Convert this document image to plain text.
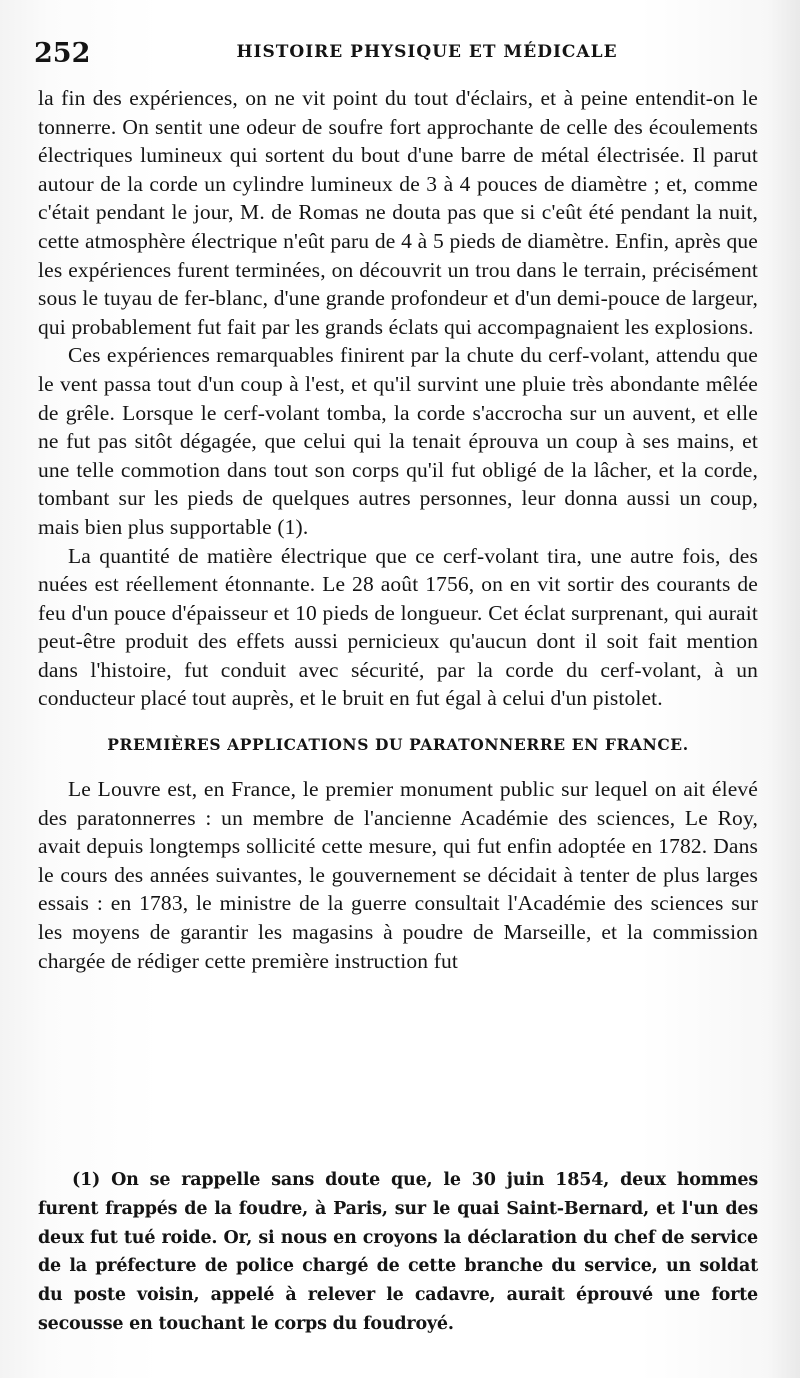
252	HISTOIRE PHYSIQUE ET MÉDICALE

la fin des expériences, on ne vit point du tout d'éclairs, et à peine entendit-on le tonnerre. On sentit une odeur de soufre fort approchante de celle des écoulements électriques lumineux qui sortent du bout d'une barre de métal électrisée. Il parut autour de la corde un cylindre lumineux de 3 à 4 pouces de diamètre ; et, comme c'était pendant le jour, M. de Romas ne douta pas que si c'eût été pendant la nuit, cette atmosphère électrique n'eût paru de 4 à 5 pieds de diamètre. Enfin, après que les expériences furent terminées, on découvrit un trou dans le terrain, précisément sous le tuyau de fer-blanc, d'une grande profondeur et d'un demi-pouce de largeur, qui probablement fut fait par les grands éclats qui accompagnaient les explosions.

Ces expériences remarquables finirent par la chute du cerf-volant, attendu que le vent passa tout d'un coup à l'est, et qu'il survint une pluie très abondante mêlée de grêle. Lorsque le cerf-volant tomba, la corde s'accrocha sur un auvent, et elle ne fut pas sitôt dégagée, que celui qui la tenait éprouva un coup à ses mains, et une telle commotion dans tout son corps qu'il fut obligé de la lâcher, et la corde, tombant sur les pieds de quelques autres personnes, leur donna aussi un coup, mais bien plus supportable (1).

La quantité de matière électrique que ce cerf-volant tira, une autre fois, des nuées est réellement étonnante. Le 28 août 1756, on en vit sortir des courants de feu d'un pouce d'épaisseur et 10 pieds de longueur. Cet éclat surprenant, qui aurait peut-être produit des effets aussi pernicieux qu'aucun dont il soit fait mention dans l'histoire, fut conduit avec sécurité, par la corde du cerf-volant, à un conducteur placé tout auprès, et le bruit en fut égal à celui d'un pistolet.

PREMIÈRES APPLICATIONS DU PARATONNERRE EN FRANCE.

Le Louvre est, en France, le premier monument public sur lequel on ait élevé des paratonnerres : un membre de l'ancienne Académie des sciences, Le Roy, avait depuis longtemps sollicité cette mesure, qui fut enfin adoptée en 1782. Dans le cours des années suivantes, le gouvernement se décidait à tenter de plus larges essais : en 1783, le ministre de la guerre consultait l'Académie des sciences sur les moyens de garantir les magasins à poudre de Marseille, et la commission chargée de rédiger cette première instruction fut

(1) On se rappelle sans doute que, le 30 juin 1854, deux hommes furent frappés de la foudre, à Paris, sur le quai Saint-Bernard, et l'un des deux fut tué roide. Or, si nous en croyons la déclaration du chef de service de la préfecture de police chargé de cette branche du service, un soldat du poste voisin, appelé à relever le cadavre, aurait éprouvé une forte secousse en touchant le corps du foudroyé.
